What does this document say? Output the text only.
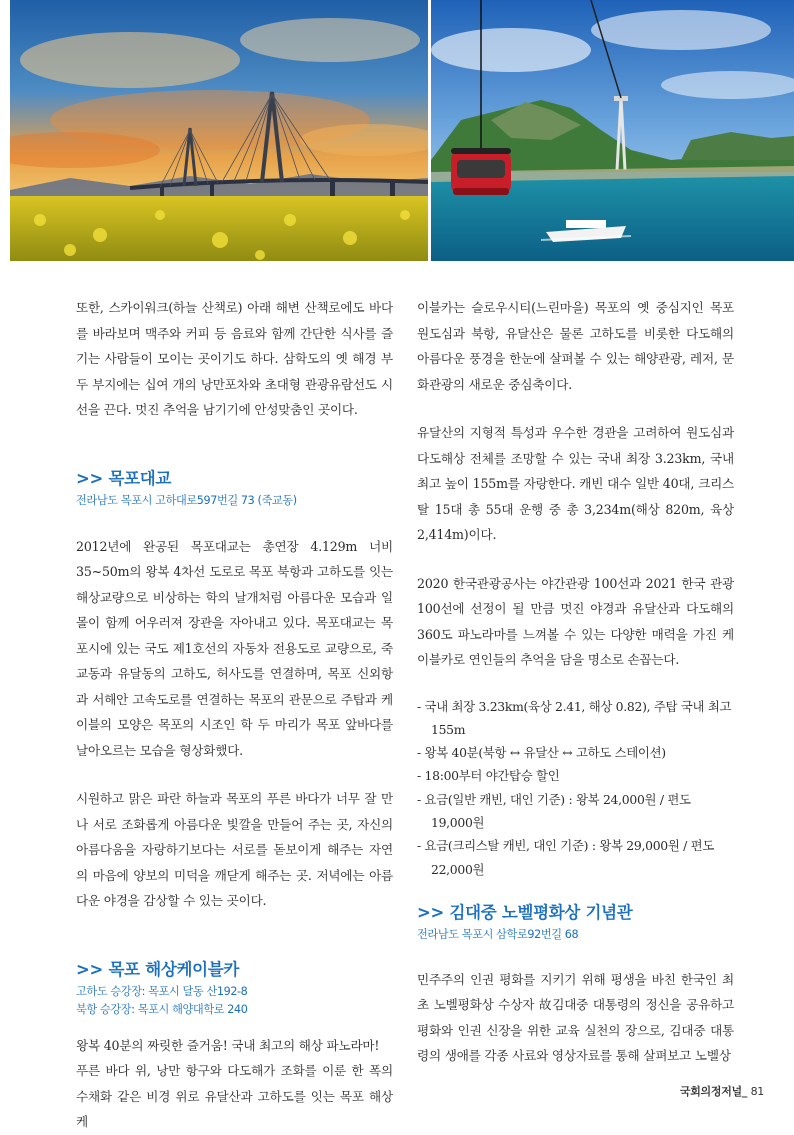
또한, 스카이워크(하늘 산책로) 아래 해변 산책로에도 바다를 바라보며 맥주와 커피 등 음료와 함께 간단한 식사를 즐기는 사람들이 모이는 곳이기도 하다. 삼학도의 옛 해경 부두 부지에는 십여 개의 낭만포차와 초대형 관광유람선도 시선을 끈다. 멋진 추억을 남기기에 안성맞춤인 곳이다.

>> 목포대교

전라남도 목포시 고하대로597번길 73 (죽교동)

2012년에 완공된 목포대교는 총연장 4.129m 너비 35~50m의 왕복 4차선 도로로 목포 북항과 고하도를 잇는 해상교량으로 비상하는 학의 날개처럼 아름다운 모습과 일몰이 함께 어우러져 장관을 자아내고 있다. 목포대교는 목포시에 있는 국도 제1호선의 자동차 전용도로 교량으로, 죽교동과 유달동의 고하도, 허사도를 연결하며, 목포 신외항과 서해안 고속도로를 연결하는 목포의 관문으로 주탑과 케이블의 모양은 목포의 시조인 학 두 마리가 목포 앞바다를 날아오르는 모습을 형상화했다.

시원하고 맑은 파란 하늘과 목포의 푸른 바다가 너무 잘 만나 서로 조화롭게 아름다운 빛깔을 만들어 주는 곳, 자신의 아름다움을 자랑하기보다는 서로를 돋보이게 해주는 자연의 마음에 양보의 미덕을 깨닫게 해주는 곳. 저녁에는 아름다운 야경을 감상할 수 있는 곳이다.

>> 목포 해상케이블카

고하도 승강장: 목포시 달동 산192-8

북항 승강장: 목포시 해양대학로 240

왕복 40분의 짜릿한 즐거움! 국내 최고의 해상 파노라마!

푸른 바다 위, 낭만 항구와 다도해가 조화를 이룬 한 폭의 수채화 같은 비경 위로 유달산과 고하도를 잇는 목포 해상케

이블카는 슬로우시티(느린마을) 목포의 옛 중심지인 목포 원도심과 북항, 유달산은 물론 고하도를 비롯한 다도해의 아름다운 풍경을 한눈에 살펴볼 수 있는 해양관광, 레저, 문화관광의 새로운 중심축이다.

유달산의 지형적 특성과 우수한 경관을 고려하여 원도심과 다도해상 전체를 조망할 수 있는 국내 최장 3.23km, 국내 최고 높이 155m를 자랑한다. 캐빈 대수 일반 40대, 크리스탈 15대 총 55대 운행 중 총 3,234m(해상 820m, 육상 2,414m)이다.

2020 한국관광공사는 야간관광 100선과 2021 한국 관광 100선에 선정이 될 만큼 멋진 야경과 유달산과 다도해의 360도 파노라마를 느껴볼 수 있는 다양한 매력을 가진 케이블카로 연인들의 추억을 담을 명소로 손꼽는다.

- 국내 최장 3.23km(육상 2.41, 해상 0.82), 주탑 국내 최고 155m
- 왕복 40분(북항 ↔ 유달산 ↔ 고하도 스테이션)
- 18:00부터 야간탑승 할인
- 요금(일반 캐빈, 대인 기준) : 왕복 24,000원 / 편도 19,000원
- 요금(크리스탈 캐빈, 대인 기준) : 왕복 29,000원 / 편도 22,000원
>> 김대중 노벨평화상 기념관

전라남도 목포시 삼학로92번길 68

민주주의 인권 평화를 지키기 위해 평생을 바친 한국인 최초 노벨평화상 수상자 故김대중 대통령의 정신을 공유하고 평화와 인권 신장을 위한 교육 실천의 장으로, 김대중 대통령의 생애를 각종 사료와 영상자료를 통해 살펴보고 노벨상

국회의정저널_ 81
